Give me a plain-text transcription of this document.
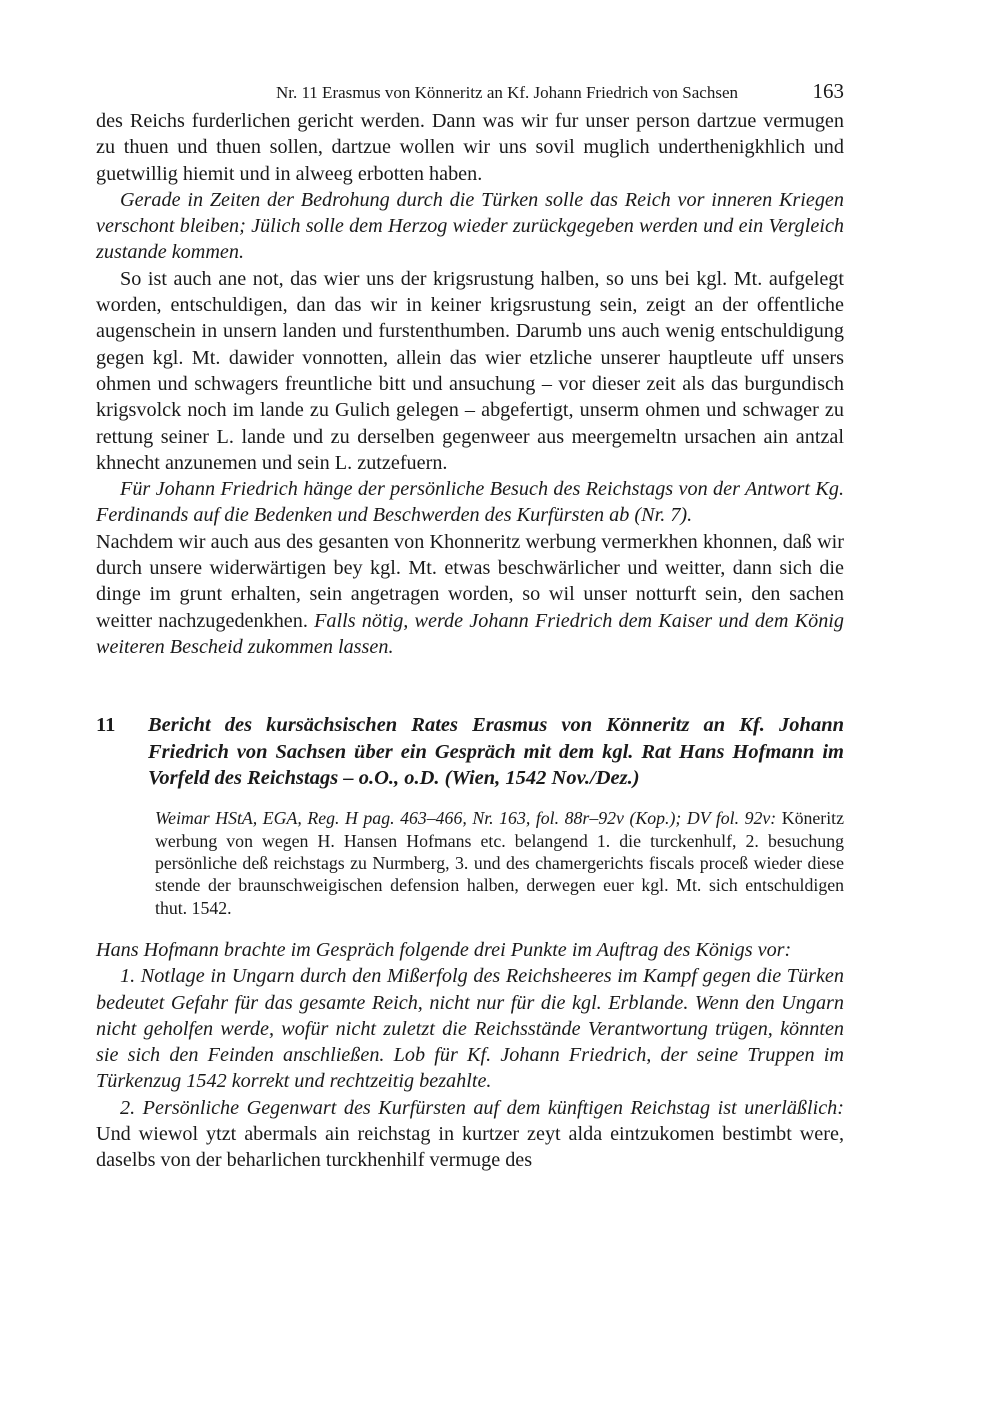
Nr. 11 Erasmus von Könneritz an Kf. Johann Friedrich von Sachsen	163

des Reichs furderlichen gericht werden. Dann was wir fur unser person dartzue vermugen zu thuen und thuen sollen, dartzue wollen wir uns sovil muglich underthenigkhlich und guetwillig hiemit und in alweeg erbotten haben.

Gerade in Zeiten der Bedrohung durch die Türken solle das Reich vor inneren Kriegen verschont bleiben; Jülich solle dem Herzog wieder zurückgegeben werden und ein Vergleich zustande kommen.

So ist auch ane not, das wier uns der krigsrustung halben, so uns bei kgl. Mt. aufgelegt worden, entschuldigen, dan das wir in keiner krigsrustung sein, zeigt an der offentliche augenschein in unsern landen und furstenthumben. Darumb uns auch wenig entschuldigung gegen kgl. Mt. dawider vonnotten, allein das wier etzliche unserer hauptleute uff unsers ohmen und schwagers freuntliche bitt und ansuchung – vor dieser zeit als das burgundisch krigsvolck noch im lande zu Gulich gelegen – abgefertigt, unserm ohmen und schwager zu rettung seiner L. lande und zu derselben gegenweer aus meergemeltn ursachen ain antzal khnecht anzunemen und sein L. zutzefuern.

Für Johann Friedrich hänge der persönliche Besuch des Reichstags von der Antwort Kg. Ferdinands auf die Bedenken und Beschwerden des Kurfürsten ab (Nr. 7).

Nachdem wir auch aus des gesanten von Khonneritz werbung vermerkhen khonnen, daß wir durch unsere widerwärtigen bey kgl. Mt. etwas beschwärlicher und weitter, dann sich die dinge im grunt erhalten, sein angetragen worden, so wil unser notturft sein, den sachen weitter nachzugedenkhen. Falls nötig, werde Johann Friedrich dem Kaiser und dem König weiteren Bescheid zukommen lassen.

11	Bericht des kursächsischen Rates Erasmus von Könneritz an Kf. Johann Friedrich von Sachsen über ein Gespräch mit dem kgl. Rat Hans Hofmann im Vorfeld des Reichstags – o.O., o.D. (Wien, 1542 Nov./Dez.)

Weimar HStA, EGA, Reg. H pag. 463–466, Nr. 163, fol. 88r–92v (Kop.); DV fol. 92v: Köneritz werbung von wegen H. Hansen Hofmans etc. belangend 1. die turckenhulf, 2. besuchung persönliche deß reichstags zu Nurmberg, 3. und des chamergerichts fiscals proceß wieder diese stende der braunschweigischen defension halben, derwegen euer kgl. Mt. sich entschuldigen thut. 1542.

Hans Hofmann brachte im Gespräch folgende drei Punkte im Auftrag des Königs vor:

1. Notlage in Ungarn durch den Mißerfolg des Reichsheeres im Kampf gegen die Türken bedeutet Gefahr für das gesamte Reich, nicht nur für die kgl. Erblande. Wenn den Ungarn nicht geholfen werde, wofür nicht zuletzt die Reichsstände Verantwortung trügen, könnten sie sich den Feinden anschließen. Lob für Kf. Johann Friedrich, der seine Truppen im Türkenzug 1542 korrekt und rechtzeitig bezahlte.

2. Persönliche Gegenwart des Kurfürsten auf dem künftigen Reichstag ist unerläßlich: Und wiewol ytzt abermals ain reichstag in kurtzer zeyt alda eintzukomen bestimbt were, daselbs von der beharlichen turckhenhilf vermuge des
